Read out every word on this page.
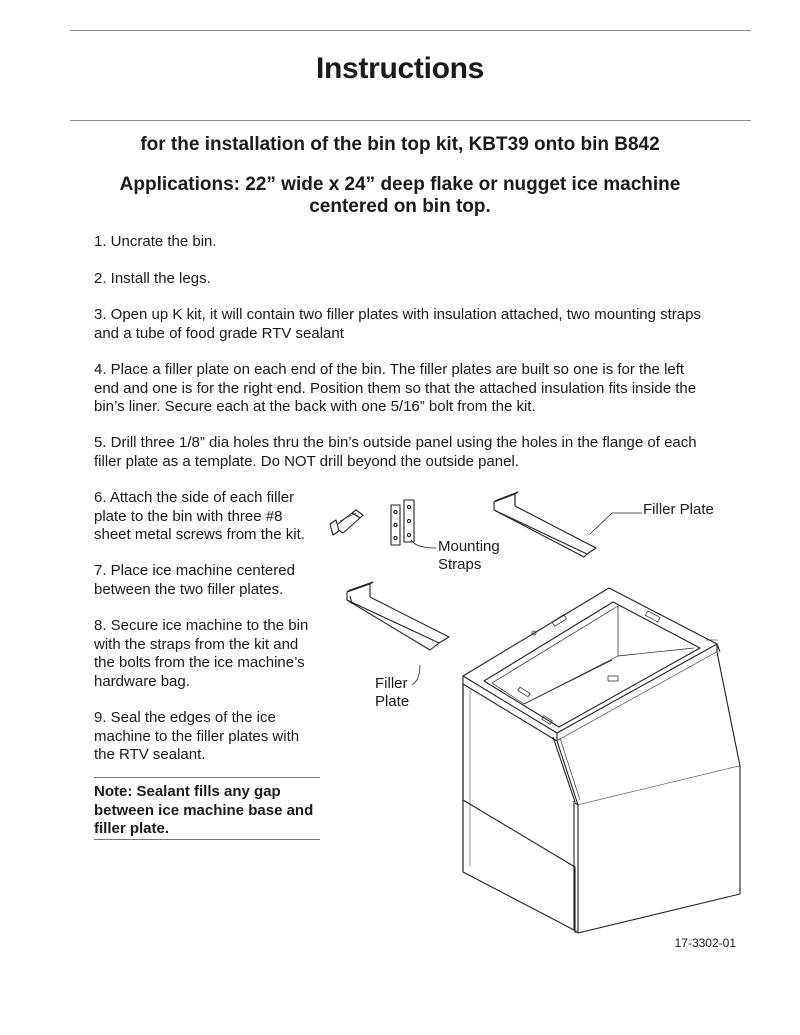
Instructions
for the installation of the bin top kit, KBT39 onto bin B842
Applications: 22” wide x 24” deep flake or nugget ice machine centered on bin top.

1. Uncrate the bin.

2. Install the legs.

3. Open up K kit, it will contain two filler plates with insulation attached, two mounting straps and a tube of food grade RTV sealant

4. Place a filler plate on each end of the bin. The filler plates are built so one is for the left end and one is for the right end. Position them so that the attached insulation fits inside the bin’s liner. Secure each at the back with one 5/16” bolt from the kit.

5. Drill three 1/8” dia holes thru the bin’s outside panel using the holes in the flange of each filler plate as a template. Do NOT drill beyond the outside panel.

6. Attach the side of each filler plate to the bin with three #8 sheet metal screws from the kit.

7. Place ice machine centered between the two filler plates.

8. Secure ice machine to the bin with the straps from the kit and the bolts from the ice machine’s hardware bag.

9. Seal the edges of the ice machine to the filler plates with the RTV sealant.

Note: Sealant fills any gap between ice machine base and filler plate.

Filler Plate
Mounting Straps
Filler Plate
17-3302-01
